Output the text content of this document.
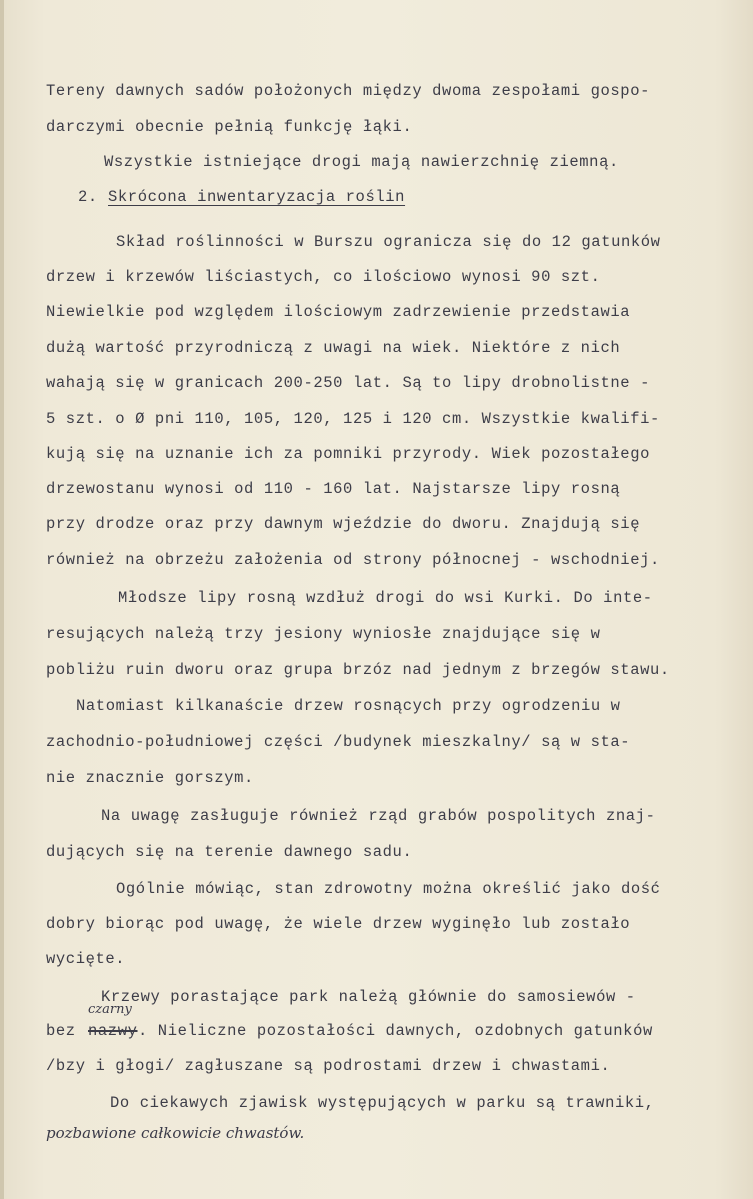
Tereny dawnych sadów położonych między dwoma zespołami gospo-
darczymi obecnie pełnią funkcję łąki.
Wszystkie istniejące drogi mają nawierzchnię ziemną.
2. Skrócona inwentaryzacja roślin
Skład roślinności w Burszu ogranicza się do 12 gatunków
drzew i krzewów liściastych, co ilościowo wynosi 90 szt.
Niewielkie pod względem ilościowym zadrzewienie przedstawia
dużą wartość przyrodniczą z uwagi na wiek. Niektóre z nich
wahają się w granicach 200-250 lat. Są to lipy drobnolistne -
5 szt. o Ø pni 110, 105, 120, 125 i 120 cm. Wszystkie kwalifi-
kują się na uznanie ich za pomniki przyrody. Wiek pozostałego
drzewostanu wynosi od 110 - 160 lat. Najstarsze lipy rosną
przy drodze oraz przy dawnym wjeździe do dworu. Znajdują się
również na obrzeżu założenia od strony północnej - wschodniej.
Młodsze lipy rosną wzdłuż drogi do wsi Kurki. Do inte-
resujących należą trzy jesiony wyniosłe znajdujące się w
pobliżu ruin dworu oraz grupa brzóz nad jednym z brzegów stawu.
Natomiast kilkanaście drzew rosnących przy ogrodzeniu w
zachodnio-południowej części /budynek mieszkalny/ są w sta-
nie znacznie gorszym.
Na uwagę zasługuje również rząd grabów pospolitych znaj-
dujących się na terenie dawnego sadu.
Ogólnie mówiąc, stan zdrowotny można określić jako dość
dobry biorąc pod uwagę, że wiele drzew wyginęło lub zostało
wycięte.
Krzewy porastające park należą głównie do samosiewów -
bez nazwy
czarny
. Nieliczne pozostałości dawnych, ozdobnych gatunków
/bzy i głogi/ zagłuszane są podrostami drzew i chwastami.
Do ciekawych zjawisk występujących w parku są trawniki,
pozbawione całkowicie chwastów.
